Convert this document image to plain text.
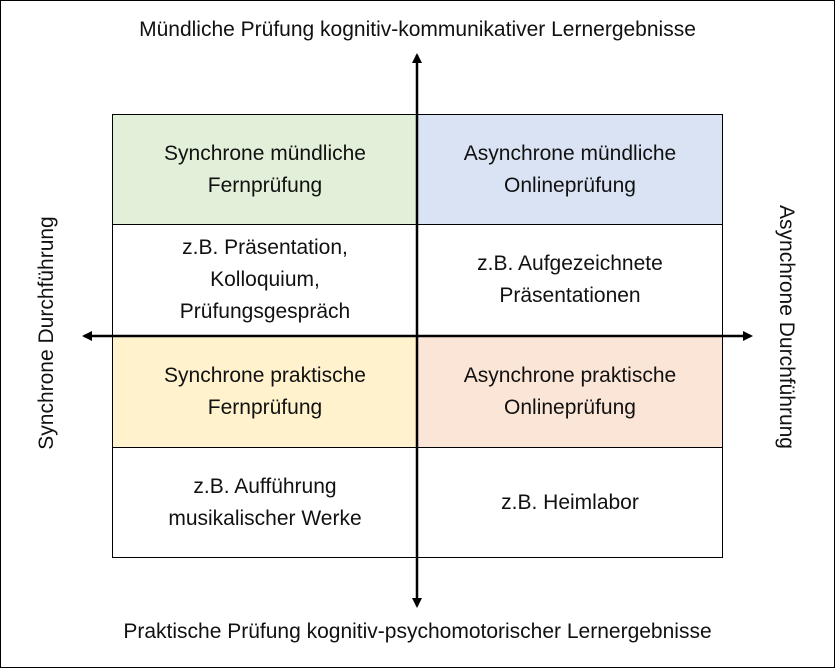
Mündliche Prüfung kognitiv-kommunikativer Lernergebnisse
Praktische Prüfung kognitiv-psychomotorischer Lernergebnisse
Synchrone Durchführung	Asynchrone Durchführung
Synchrone mündliche
Fernprüfung
Asynchrone mündliche
Onlineprüfung
z.B. Präsentation,
Kolloquium,
Prüfungsgespräch
z.B. Aufgezeichnete
Präsentationen
Synchrone praktische
Fernprüfung
Asynchrone praktische
Onlineprüfung
z.B. Aufführung
musikalischer Werke
z.B. Heimlabor
